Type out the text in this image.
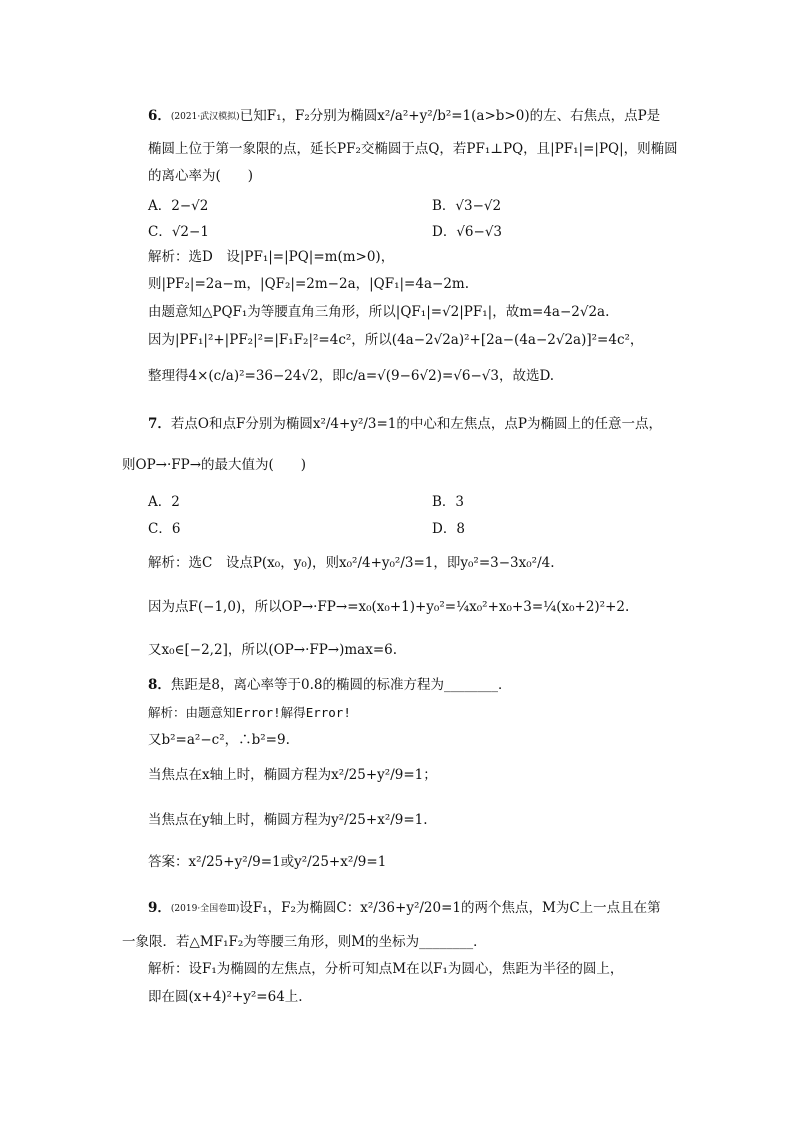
6．(2021·武汉模拟)已知F₁，F₂分别为椭圆x²/a²+y²/b²=1(a>b>0)的左、右焦点，点P是
椭圆上位于第一象限的点，延长PF₂交椭圆于点Q，若PF₁⊥PQ，且|PF₁|=|PQ|，则椭圆
的离心率为(　　)
A．2−√2	B．√3−√2
C．√2−1	D．√6−√3
解析：选D　设|PF₁|=|PQ|=m(m>0)，
则|PF₂|=2a−m，|QF₂|=2m−2a，|QF₁|=4a−2m.
由题意知△PQF₁为等腰直角三角形，所以|QF₁|=√2|PF₁|，故m=4a−2√2a.
因为|PF₁|²+|PF₂|²=|F₁F₂|²=4c²，所以(4a−2√2a)²+[2a−(4a−2√2a)]²=4c²，
整理得4×(c/a)²=36−24√2，即c/a=√(9−6√2)=√6−√3，故选D.
7．若点O和点F分别为椭圆x²/4+y²/3=1的中心和左焦点，点P为椭圆上的任意一点，
则OP→·FP→的最大值为(　　)
A．2	B．3
C．6	D．8
解析：选C　设点P(x₀，y₀)，则x₀²/4+y₀²/3=1，即y₀²=3−3x₀²/4.
因为点F(−1,0)，所以OP→·FP→=x₀(x₀+1)+y₀²=¼x₀²+x₀+3=¼(x₀+2)²+2.
又x₀∈[−2,2]，所以(OP→·FP→)max=6.
8．焦距是8，离心率等于0.8的椭圆的标准方程为________．
解析：由题意知Error!解得Error!
又b²=a²−c²，∴b²=9.
当焦点在x轴上时，椭圆方程为x²/25+y²/9=1；
当焦点在y轴上时，椭圆方程为y²/25+x²/9=1.
答案：x²/25+y²/9=1或y²/25+x²/9=1
9．(2019·全国卷Ⅲ)设F₁，F₂为椭圆C：x²/36+y²/20=1的两个焦点，M为C上一点且在第
一象限．若△MF₁F₂为等腰三角形，则M的坐标为________．
解析：设F₁为椭圆的左焦点，分析可知点M在以F₁为圆心，焦距为半径的圆上，
即在圆(x+4)²+y²=64上.
